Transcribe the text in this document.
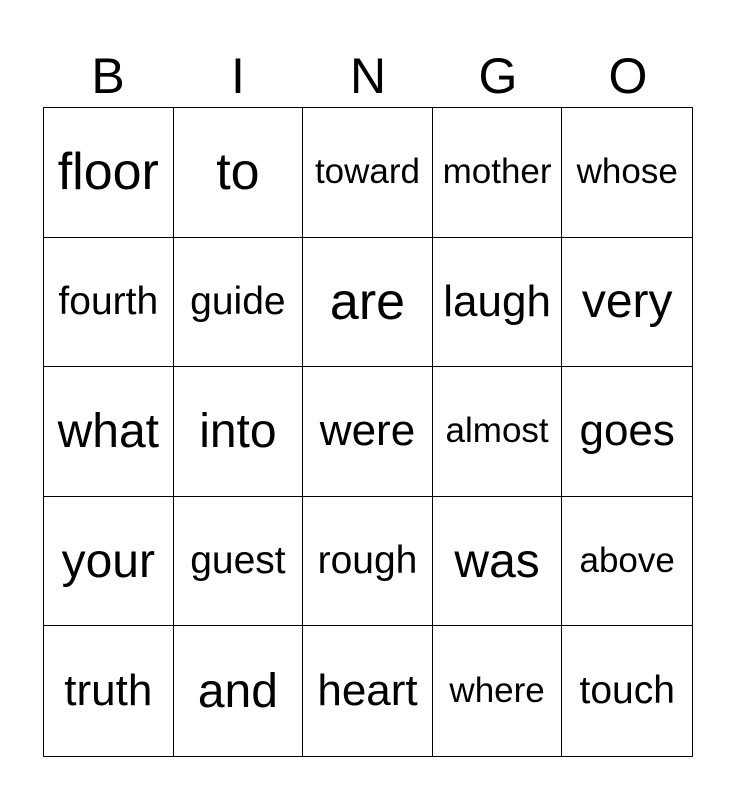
B	I	N	G	O
floor	to	toward mother whose
fourth guide are laugh very
what into were almost goes
your guest rough was	above
truth and heart where touch
